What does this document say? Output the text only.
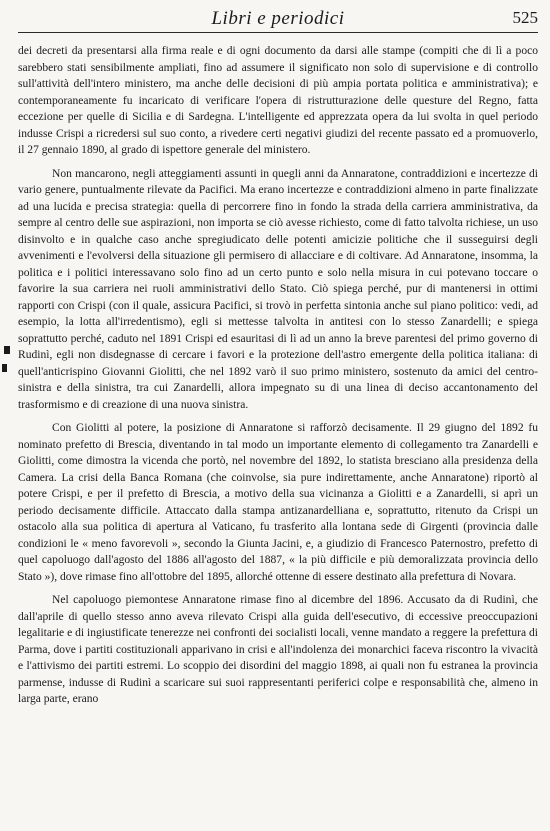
Libri e periodici	525

dei decreti da presentarsi alla firma reale e di ogni documento da darsi alle stampe (compiti che di lì a poco sarebbero stati sensibilmente ampliati, fino ad assumere il significato non solo di supervisione e di controllo sull'attività dell'intero ministero, ma anche delle decisioni di più ampia portata politica e amministrativa); e contemporaneamente fu incaricato di verificare l'opera di ristrutturazione delle questure del Regno, fatta eccezione per quelle di Sicilia e di Sardegna. L'intelligente ed apprezzata opera da lui svolta in quel periodo indusse Crispi a ricredersi sul suo conto, a rivedere certi negativi giudizi del recente passato ed a promuoverlo, il 27 gennaio 1890, al grado di ispettore generale del ministero.

Non mancarono, negli atteggiamenti assunti in quegli anni da Annaratone, contraddizioni e incertezze di vario genere, puntualmente rilevate da Pacifici. Ma erano incertezze e contraddizioni almeno in parte finalizzate ad una lucida e precisa strategia: quella di percorrere fino in fondo la strada della carriera amministrativa, da sempre al centro delle sue aspirazioni, non importa se ciò avesse richiesto, come di fatto talvolta richiese, un uso disinvolto e in qualche caso anche spregiudicato delle potenti amicizie politiche che il susseguirsi degli avvenimenti e l'evolversi della situazione gli permisero di allacciare e di coltivare. Ad Annaratone, insomma, la politica e i politici interessavano solo fino ad un certo punto e solo nella misura in cui potevano toccare o favorire la sua carriera nei ruoli amministrativi dello Stato. Ciò spiega perché, pur di mantenersi in ottimi rapporti con Crispi (con il quale, assicura Pacifici, si trovò in perfetta sintonia anche sul piano politico: vedi, ad esempio, la lotta all'irredentismo), egli si mettesse talvolta in antitesi con lo stesso Zanardelli; e spiega soprattutto perché, caduto nel 1891 Crispi ed esauritasi di lì ad un anno la breve parentesi del primo governo di Rudinì, egli non disdegnasse di cercare i favori e la protezione dell'astro emergente della politica italiana: di quell'anticrispino Giovanni Giolitti, che nel 1892 varò il suo primo ministero, sostenuto da amici del centro-sinistra e della sinistra, tra cui Zanardelli, allora impegnato su di una linea di deciso accantonamento del trasformismo e di creazione di una nuova sinistra.

Con Giolitti al potere, la posizione di Annaratone si rafforzò decisamente. Il 29 giugno del 1892 fu nominato prefetto di Brescia, diventando in tal modo un importante elemento di collegamento tra Zanardelli e Giolitti, come dimostra la vicenda che portò, nel novembre del 1892, lo statista bresciano alla presidenza della Camera. La crisi della Banca Romana (che coinvolse, sia pure indirettamente, anche Annaratone) riportò al potere Crispi, e per il prefetto di Brescia, a motivo della sua vicinanza a Giolitti e a Zanardelli, si aprì un periodo decisamente difficile. Attaccato dalla stampa antizanardelliana e, soprattutto, ritenuto da Crispi un ostacolo alla sua politica di apertura al Vaticano, fu trasferito alla lontana sede di Girgenti (provincia dalle condizioni le « meno favorevoli », secondo la Giunta Jacini, e, a giudizio di Francesco Paternostro, prefetto di quel capoluogo dall'agosto del 1886 all'agosto del 1887, « la più difficile e più demoralizzata provincia dello Stato »), dove rimase fino all'ottobre del 1895, allorché ottenne di essere destinato alla prefettura di Novara.

Nel capoluogo piemontese Annaratone rimase fino al dicembre del 1896. Accusato da di Rudinì, che dall'aprile di quello stesso anno aveva rilevato Crispi alla guida dell'esecutivo, di eccessive preoccupazioni legalitarie e di ingiustificate tenerezze nei confronti dei socialisti locali, venne mandato a reggere la prefettura di Parma, dove i partiti costituzionali apparivano in crisi e all'indolenza dei monarchici faceva riscontro la vivacità e l'attivismo dei partiti estremi. Lo scoppio dei disordini del maggio 1898, ai quali non fu estranea la provincia parmense, indusse di Rudinì a scaricare sui suoi rappresentanti periferici colpe e responsabilità che, almeno in larga parte, erano
